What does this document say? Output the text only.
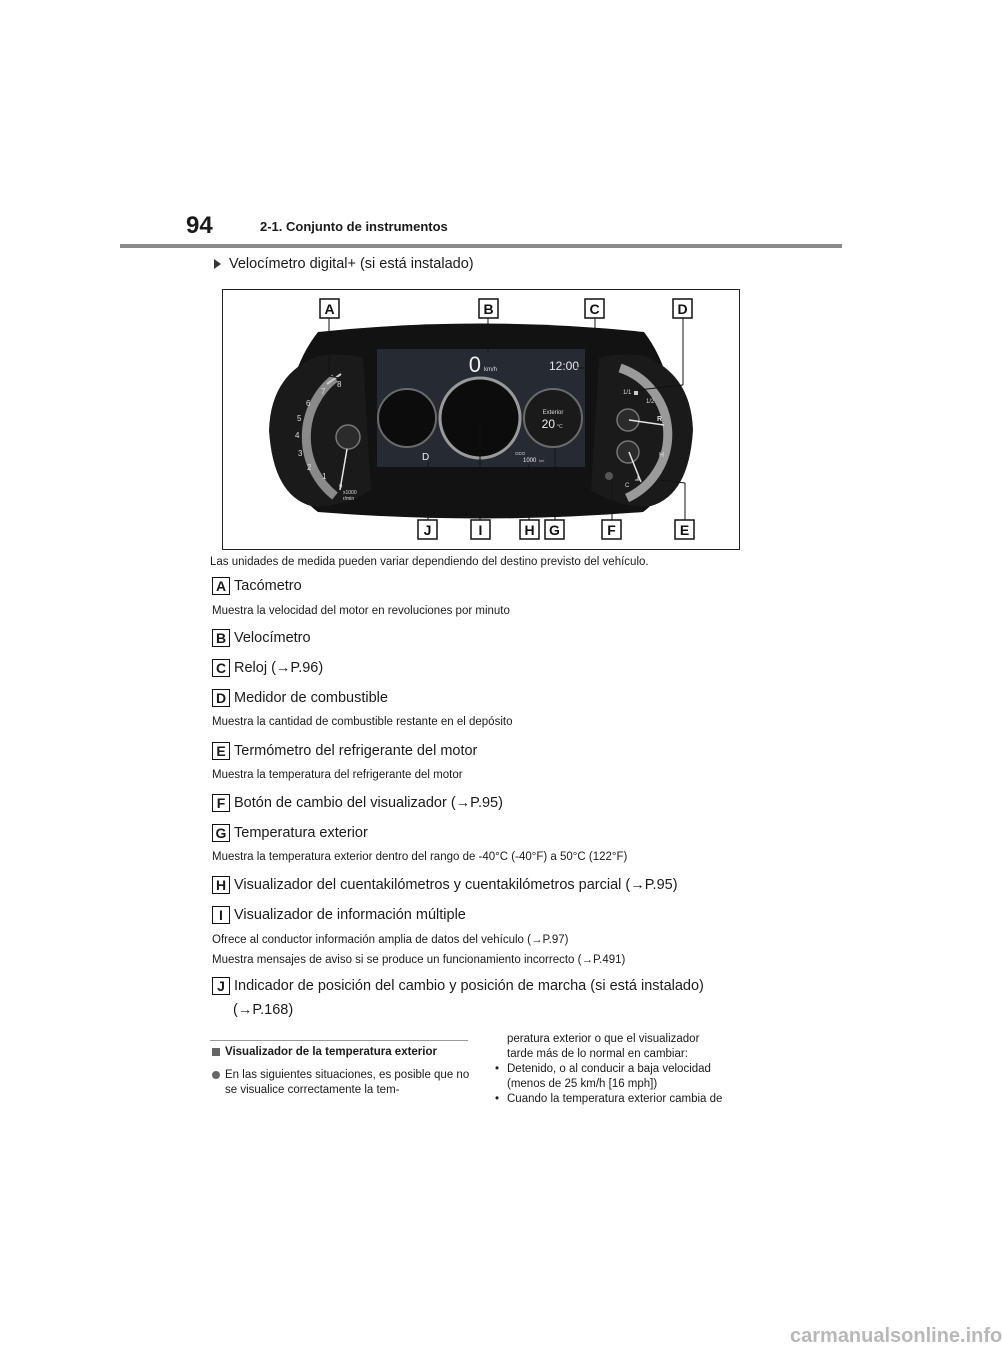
94	2-1. Conjunto de instrumentos
Velocímetro digital+ (si está instalado)
0 km/h	12:00
Exterior
20 °C
ODO
1000 km
D
1
2
3
4
5
6
7
8
0
x1000
r/min
1/1
1/2
R
H
C
A	B	C	D
E
F
G
H
I
J
Las unidades de medida pueden variar dependiendo del destino previsto del vehículo.
A Tacómetro
Muestra la velocidad del motor en revoluciones por minuto
B Velocímetro
C Reloj (→P.96)
D Medidor de combustible
Muestra la cantidad de combustible restante en el depósito
E Termómetro del refrigerante del motor
Muestra la temperatura del refrigerante del motor
F Botón de cambio del visualizador (→P.95)
G Temperatura exterior
Muestra la temperatura exterior dentro del rango de -40°C (-40°F) a 50°C (122°F)
H Visualizador del cuentakilómetros y cuentakilómetros parcial (→P.95)
I Visualizador de información múltiple
Ofrece al conductor información amplia de datos del vehículo (→P.97)
Muestra mensajes de aviso si se produce un funcionamiento incorrecto (→P.491)
J Indicador de posición del cambio y posición de marcha (si está instalado)
(→P.168)
Visualizador de la temperatura exterior
En las siguientes situaciones, es posible que no se visualice correctamente la tem-
peratura exterior o que el visualizador
tarde más de lo normal en cambiar:
• Detenido, o al conducir a baja velocidad
(menos de 25 km/h [16 mph])
• Cuando la temperatura exterior cambia de
carmanualsonline.info
